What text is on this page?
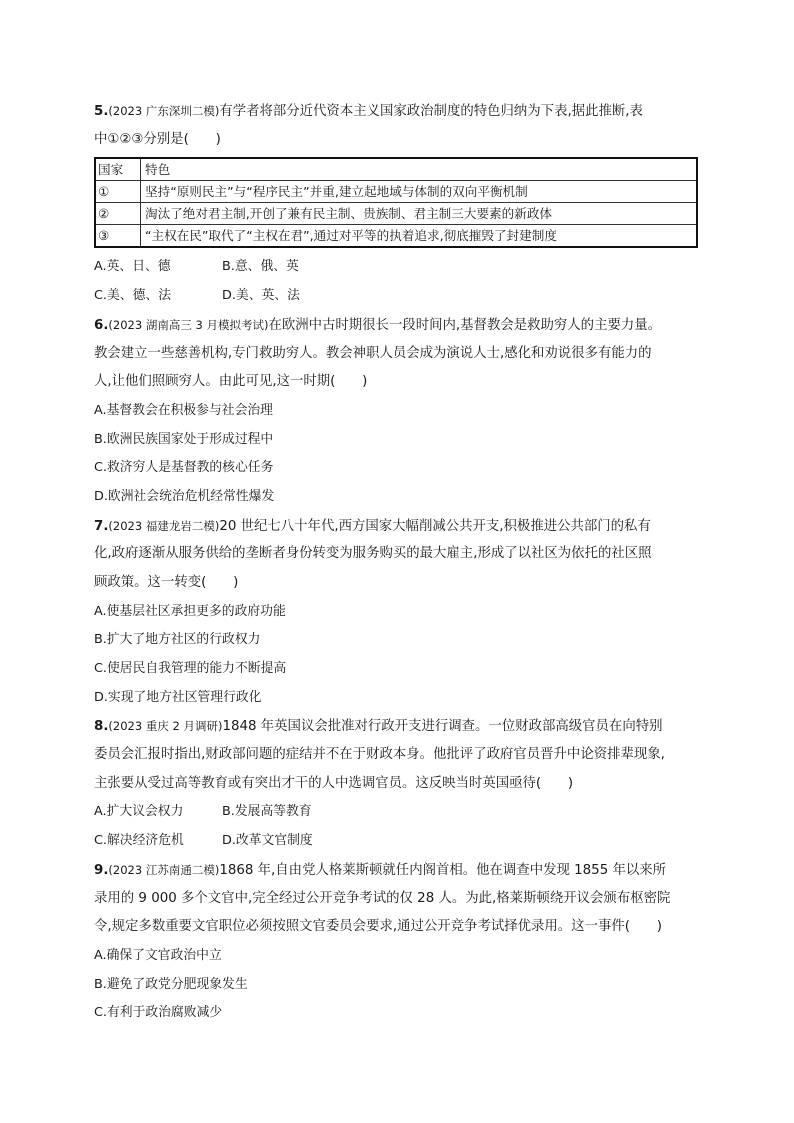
5.(2023 广东深圳二模)有学者将部分近代资本主义国家政治制度的特色归纳为下表,据此推断,表
中①②③分别是(　　)
国家	特色
①	坚持“原则民主”与“程序民主”并重,建立起地域与体制的双向平衡机制
②	淘汰了绝对君主制,开创了兼有民主制、贵族制、君主制三大要素的新政体
③	“主权在民”取代了“主权在君”,通过对平等的执着追求,彻底摧毁了封建制度
A.英、日、德	B.意、俄、英
C.美、德、法	D.美、英、法
6.(2023 湖南高三 3 月模拟考试)在欧洲中古时期很长一段时间内,基督教会是救助穷人的主要力量。
教会建立一些慈善机构,专门救助穷人。教会神职人员会成为演说人士,感化和劝说很多有能力的
人,让他们照顾穷人。由此可见,这一时期(　　)
A.基督教会在积极参与社会治理
B.欧洲民族国家处于形成过程中
C.救济穷人是基督教的核心任务
D.欧洲社会统治危机经常性爆发
7.(2023 福建龙岩二模)20 世纪七八十年代,西方国家大幅削减公共开支,积极推进公共部门的私有
化,政府逐渐从服务供给的垄断者身份转变为服务购买的最大雇主,形成了以社区为依托的社区照
顾政策。这一转变(　　)
A.使基层社区承担更多的政府功能
B.扩大了地方社区的行政权力
C.使居民自我管理的能力不断提高
D.实现了地方社区管理行政化
8.(2023 重庆 2 月调研)1848 年英国议会批准对行政开支进行调查。一位财政部高级官员在向特别
委员会汇报时指出,财政部问题的症结并不在于财政本身。他批评了政府官员晋升中论资排辈现象,
主张要从受过高等教育或有突出才干的人中选调官员。这反映当时英国亟待(　　)
A.扩大议会权力	B.发展高等教育
C.解决经济危机	D.改革文官制度
9.(2023 江苏南通二模)1868 年,自由党人格莱斯顿就任内阁首相。他在调查中发现 1855 年以来所
录用的 9 000 多个文官中,完全经过公开竞争考试的仅 28 人。为此,格莱斯顿绕开议会颁布枢密院
令,规定多数重要文官职位必须按照文官委员会要求,通过公开竞争考试择优录用。这一事件(　　)
A.确保了文官政治中立
B.避免了政党分肥现象发生
C.有利于政治腐败减少
